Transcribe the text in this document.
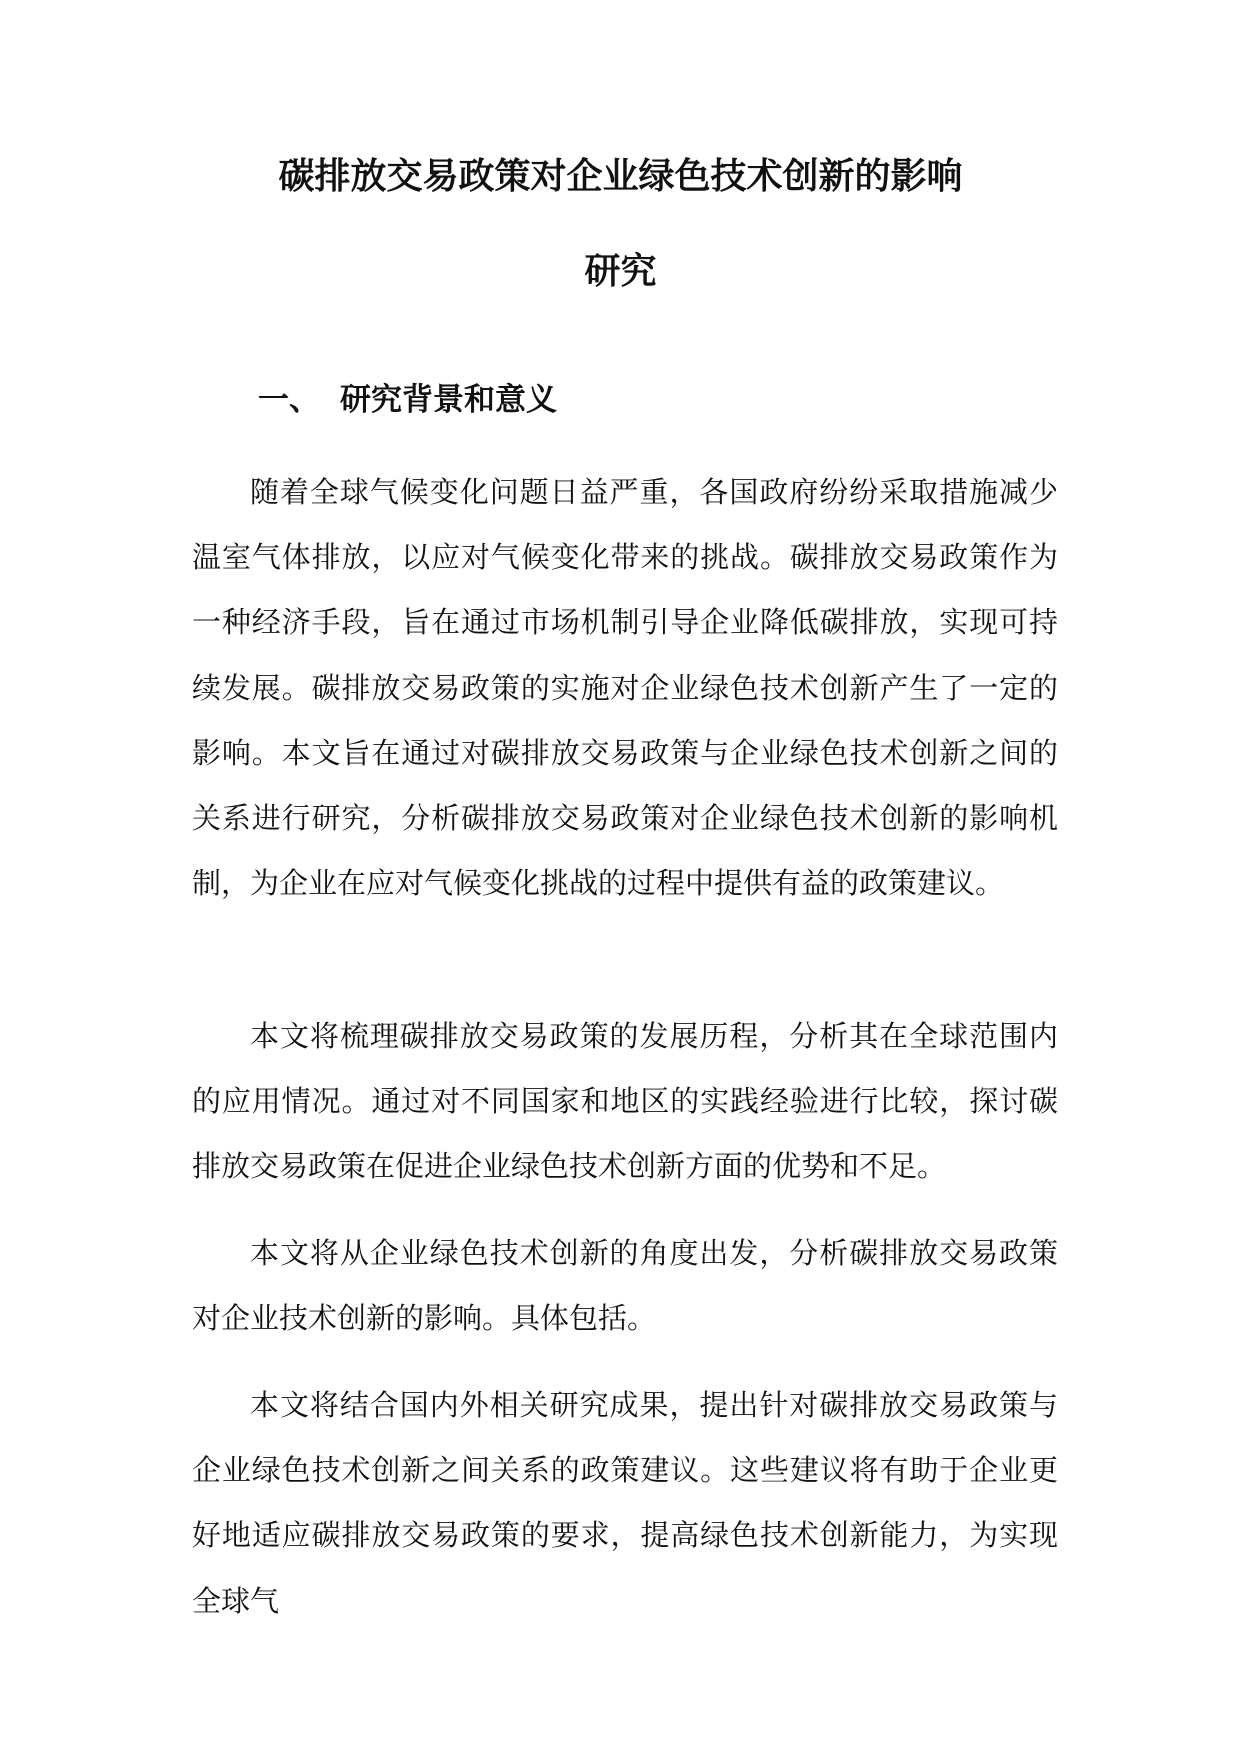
碳排放交易政策对企业绿色技术创新的影响
研究
一、 研究背景和意义

随着全球气候变化问题日益严重，各国政府纷纷采取措施减少温室气体排放，以应对气候变化带来的挑战。碳排放交易政策作为一种经济手段，旨在通过市场机制引导企业降低碳排放，实现可持续发展。碳排放交易政策的实施对企业绿色技术创新产生了一定的影响。本文旨在通过对碳排放交易政策与企业绿色技术创新之间的关系进行研究，分析碳排放交易政策对企业绿色技术创新的影响机制，为企业在应对气候变化挑战的过程中提供有益的政策建议。

本文将梳理碳排放交易政策的发展历程，分析其在全球范围内的应用情况。通过对不同国家和地区的实践经验进行比较，探讨碳排放交易政策在促进企业绿色技术创新方面的优势和不足。

本文将从企业绿色技术创新的角度出发，分析碳排放交易政策对企业技术创新的影响。具体包括。

本文将结合国内外相关研究成果，提出针对碳排放交易政策与企业绿色技术创新之间关系的政策建议。这些建议将有助于企业更好地适应碳排放交易政策的要求，提高绿色技术创新能力，为实现全球气
